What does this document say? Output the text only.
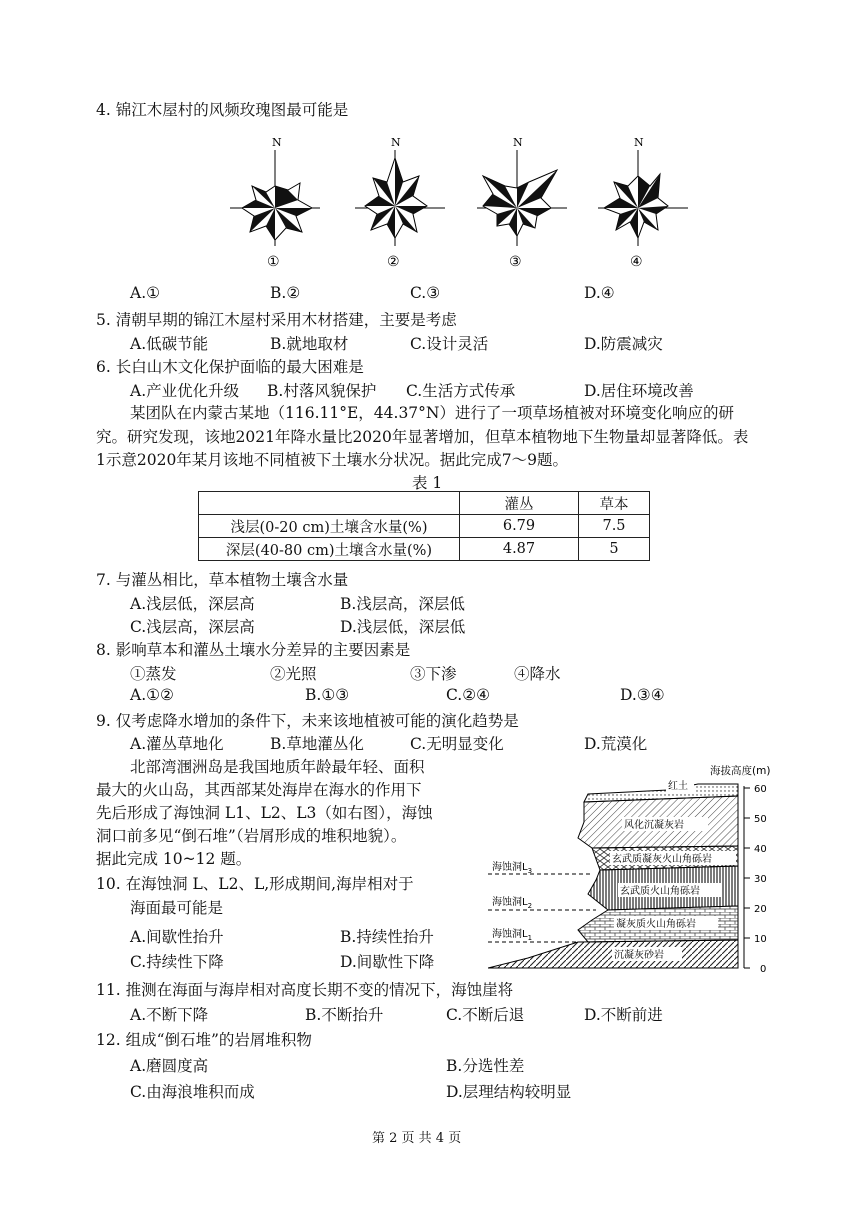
4. 锦江木屋村的风频玫瑰图最可能是
N
①
N
②
N
③
N
④
A.①	B.②	C.③	D.④
5. 清朝早期的锦江木屋村采用木材搭建，主要是考虑
A.低碳节能	B.就地取材	C.设计灵活	D.防震减灾
6. 长白山木文化保护面临的最大困难是
A.产业优化升级 B.村落风貌保护 C.生活方式传承	D.居住环境改善
某团队在内蒙古某地（116.11°E，44.37°N）进行了一项草场植被对环境变化响应的研究。研究发现，该地2021年降水量比2020年显著增加，但草本植物地下生物量却显著降低。表1示意2020年某月该地不同植被下土壤水分状况。据此完成7～9题。
表 1
	灌丛	草本
浅层(0-20 cm)土壤含水量(%)	6.79	7.5
深层(40-80 cm)土壤含水量(%)	4.87	5
7. 与灌丛相比，草本植物土壤含水量
A.浅层低，深层高	B.浅层高，深层低
C.浅层高，深层高	D.浅层低，深层低
8. 影响草本和灌丛土壤水分差异的主要因素是
①蒸发	②光照	③下渗	④降水
A.①②	B.①③	C.②④	D.③④
9. 仅考虑降水增加的条件下，未来该地植被可能的演化趋势是
A.灌丛草地化	B.草地灌丛化	C.无明显变化	D.荒漠化
北部湾涠洲岛是我国地质年龄最年轻、面积
最大的火山岛，其西部某处海岸在海水的作用下
先后形成了海蚀洞 L1、L2、L3（如右图），海蚀
洞口前多见“倒石堆”（岩屑形成的堆积地貌）。
据此完成 10~12 题。
10. 在海蚀洞 L、L2、L,形成期间,海岸相对于
海面最可能是
A.间歇性抬升	B.持续性抬升
C.持续性下降	D.间歇性下降
海拔高度(m)
60
50
40
30
20
10
0
红土
风化沉凝灰岩
玄武质凝灰火山角砾岩
玄武质火山角砾岩
凝灰质火山角砾岩
沉凝灰砂岩
海蚀洞$L_3$
海蚀洞$L_2$
海蚀洞$L_1$
11. 推测在海面与海岸相对高度长期不变的情况下，海蚀崖将
A.不断下降	B.不断抬升	C.不断后退	D.不断前进
12. 组成“倒石堆”的岩屑堆积物
A.磨圆度高	B.分选性差
C.由海浪堆积而成	D.层理结构较明显
第 2 页 共 4 页
